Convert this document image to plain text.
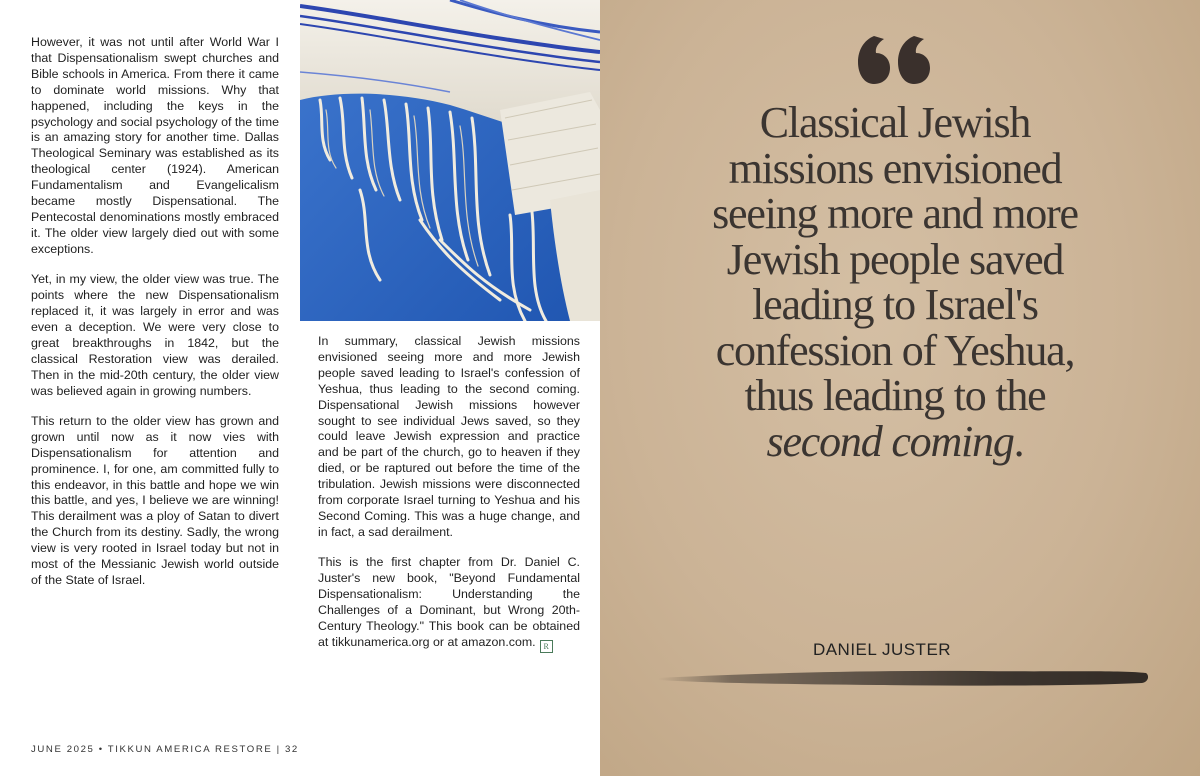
However, it was not until after World War I that Dispensationalism swept churches and Bible schools in America. From there it came to dominate world missions. Why that happened, including the keys in the psychology and social psychology of the time is an amazing story for another time. Dallas Theological Seminary was established as its theological center (1924). American Fundamentalism and Evangelicalism became mostly Dispensational. The Pentecostal denominations mostly embraced it. The older view largely died out with some exceptions.

Yet, in my view, the older view was true. The points where the new Dispensationalism replaced it, it was largely in error and was even a deception. We were very close to great breakthroughs in 1842, but the classical Restoration view was derailed. Then in the mid-20th century, the older view was believed again in growing numbers.

This return to the older view has grown and grown until now as it now vies with Dispensationalism for attention and prominence. I, for one, am committed fully to this endeavor, in this battle and hope we win this battle, and yes, I believe we are winning! This derailment was a ploy of Satan to divert the Church from its destiny. Sadly, the wrong view is very rooted in Israel today but not in most of the Messianic Jewish world outside of the State of Israel.

In summary, classical Jewish missions envisioned seeing more and more Jewish people saved leading to Israel's confession of Yeshua, thus leading to the second coming. Dispensational Jewish missions however sought to see individual Jews saved, so they could leave Jewish expression and practice and be part of the church, go to heaven if they died, or be raptured out before the time of the tribulation. Jewish missions were disconnected from corporate Israel turning to Yeshua and his Second Coming. This was a huge change, and in fact, a sad derailment.

This is the first chapter from Dr. Daniel C. Juster's new book, "Beyond Fundamental Dispensationalism: Understanding the Challenges of a Dominant, but Wrong 20th-Century Theology." This book can be obtained at tikkunamerica.org or at amazon.com. R

JUNE 2025 • TIKKUN AMERICA RESTORE | 32
Classical Jewish missions envisioned seeing more and more Jewish people saved leading to Israel's confession of Yeshua, thus leading to the second coming.
DANIEL JUSTER
